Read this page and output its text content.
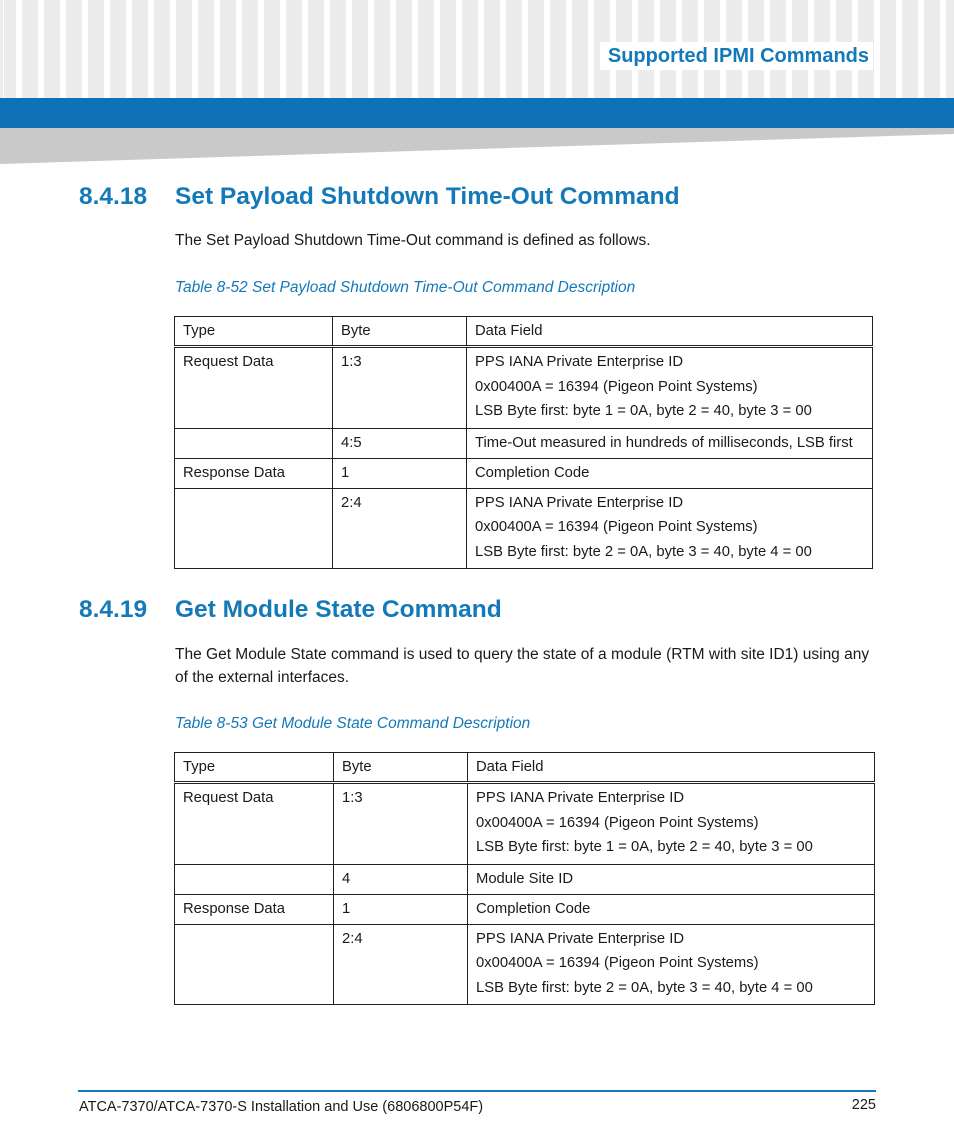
Supported IPMI Commands
8.4.18 Set Payload Shutdown Time-Out Command

The Set Payload Shutdown Time-Out command is defined as follows.

Table 8-52 Set Payload Shutdown Time-Out Command Description

Type	Byte	Data Field
Request Data	1:3	PPS IANA Private Enterprise ID
0x00400A = 16394 (Pigeon Point Systems)
LSB Byte first: byte 1 = 0A, byte 2 = 40, byte 3 = 00

	4:5	Time-Out measured in hundreds of milliseconds, LSB first
Response Data	1	Completion Code
	2:4	PPS IANA Private Enterprise ID
0x00400A = 16394 (Pigeon Point Systems)
LSB Byte first: byte 2 = 0A, byte 3 = 40, byte 4 = 00
8.4.19 Get Module State Command

The Get Module State command is used to query the state of a module (RTM with site ID1) using any of the external interfaces.

Table 8-53 Get Module State Command Description

Type	Byte	Data Field
Request Data	1:3	PPS IANA Private Enterprise ID
0x00400A = 16394 (Pigeon Point Systems)
LSB Byte first: byte 1 = 0A, byte 2 = 40, byte 3 = 00

	4	Module Site ID
Response Data	1	Completion Code
	2:4	PPS IANA Private Enterprise ID
0x00400A = 16394 (Pigeon Point Systems)
LSB Byte first: byte 2 = 0A, byte 3 = 40, byte 4 = 00
ATCA-7370/ATCA-7370-S Installation and Use (6806800P54F)	225
